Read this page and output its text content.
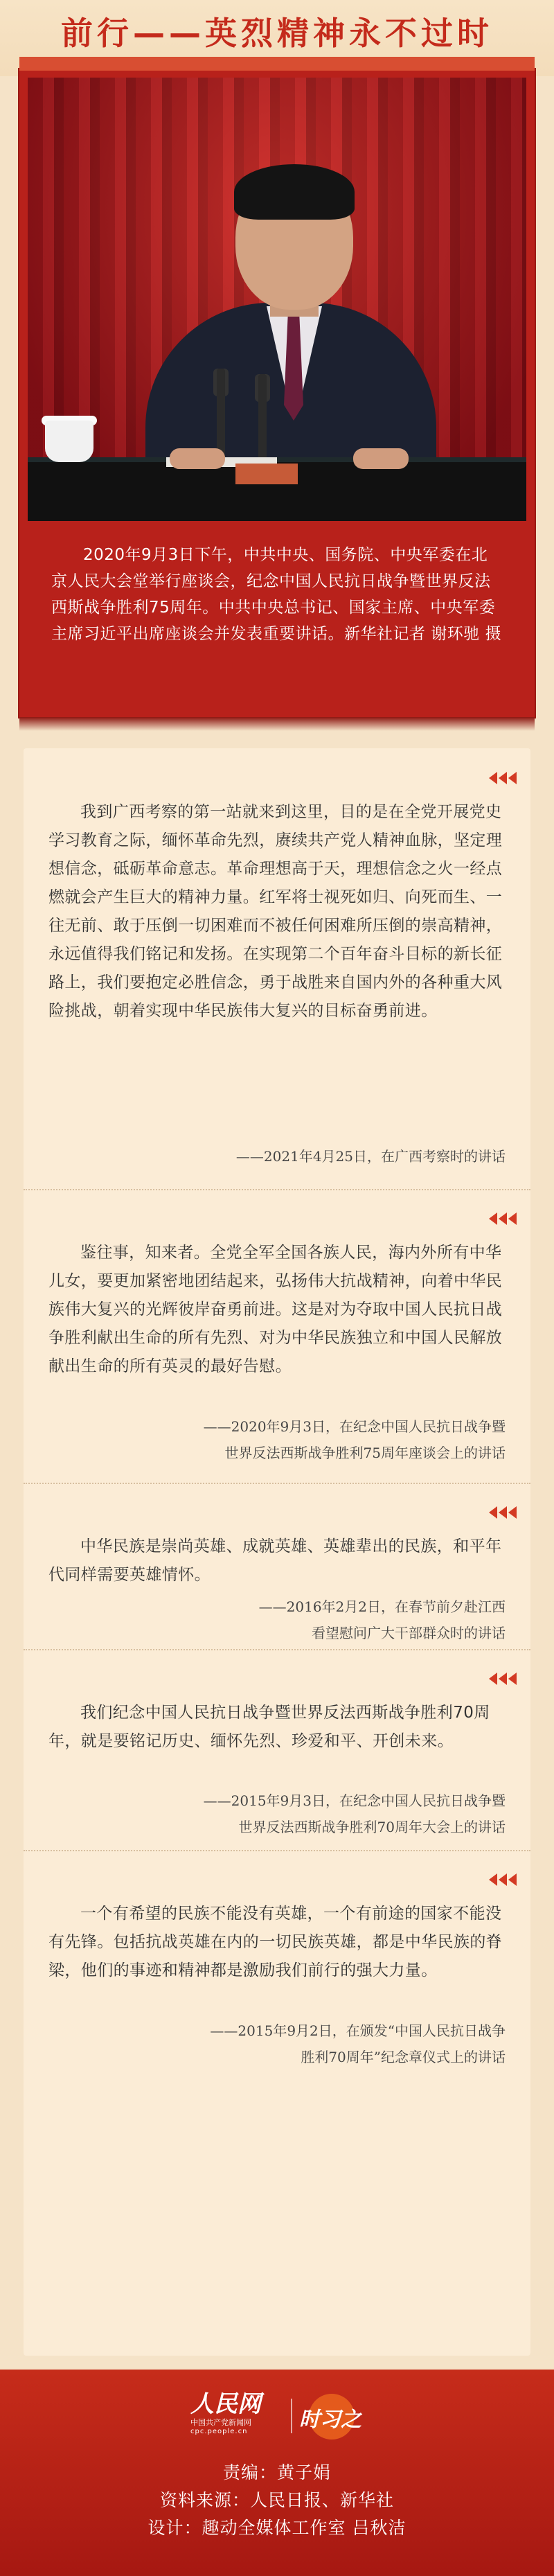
前行——英烈精神永不过时

2020年9月3日下午，中共中央、国务院、中央军委在北京人民大会堂举行座谈会，纪念中国人民抗日战争暨世界反法西斯战争胜利75周年。中共中央总书记、国家主席、中央军委主席习近平出席座谈会并发表重要讲话。新华社记者 谢环驰 摄

我到广西考察的第一站就来到这里，目的是在全党开展党史学习教育之际，缅怀革命先烈，赓续共产党人精神血脉，坚定理想信念，砥砺革命意志。革命理想高于天，理想信念之火一经点燃就会产生巨大的精神力量。红军将士视死如归、向死而生、一往无前、敢于压倒一切困难而不被任何困难所压倒的崇高精神，永远值得我们铭记和发扬。在实现第二个百年奋斗目标的新长征路上，我们要抱定必胜信念，勇于战胜来自国内外的各种重大风险挑战，朝着实现中华民族伟大复兴的目标奋勇前进。

——2021年4月25日，在广西考察时的讲话

鉴往事，知来者。全党全军全国各族人民，海内外所有中华儿女，要更加紧密地团结起来，弘扬伟大抗战精神，向着中华民族伟大复兴的光辉彼岸奋勇前进。这是对为夺取中国人民抗日战争胜利献出生命的所有先烈、对为中华民族独立和中国人民解放献出生命的所有英灵的最好告慰。

——2020年9月3日，在纪念中国人民抗日战争暨
世界反法西斯战争胜利75周年座谈会上的讲话

中华民族是崇尚英雄、成就英雄、英雄辈出的民族，和平年代同样需要英雄情怀。

——2016年2月2日，在春节前夕赴江西
看望慰问广大干部群众时的讲话

我们纪念中国人民抗日战争暨世界反法西斯战争胜利70周年，就是要铭记历史、缅怀先烈、珍爱和平、开创未来。

——2015年9月3日，在纪念中国人民抗日战争暨
世界反法西斯战争胜利70周年大会上的讲话

一个有希望的民族不能没有英雄，一个有前途的国家不能没有先锋。包括抗战英雄在内的一切民族英雄，都是中华民族的脊梁，他们的事迹和精神都是激励我们前行的强大力量。

——2015年9月2日，在颁发“中国人民抗日战争
胜利70周年”纪念章仪式上的讲话
人民网
中国共产党新闻网
cpc.people.cn	时习之
责编：黄子娟
资料来源：人民日报、新华社
设计：趣动全媒体工作室 吕秋洁
